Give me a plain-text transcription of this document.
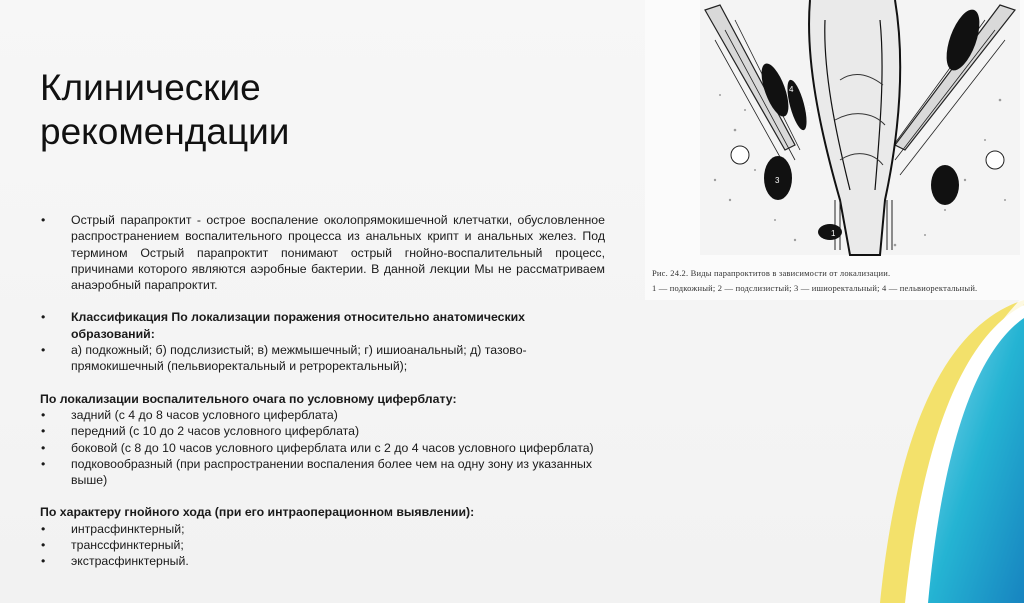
Клинические
рекомендации
• Острый парапроктит - острое воспаление околопрямокишечной клетчатки, обусловленное распространением воспалительного процесса из анальных крипт и анальных желез. Под термином Острый парапроктит понимают острый гнойно-воспалительный процесс, причинами которого являются аэробные бактерии. В данной лекции Мы не рассматриваем анаэробный парапроктит.
• Классификация По локализации поражения относительно анатомических образований:
• а) подкожный; б) подслизистый; в) межмышечный; г) ишиоанальный; д) тазово-прямокишечный (пельвиоректальный и ретроректальный);
По локализации воспалительного очага по условному циферблату:
• задний (с 4 до 8 часов условного циферблата)
• передний (с 10 до 2 часов условного циферблата)
• боковой (с 8 до 10 часов условного циферблата или с 2 до 4 часов условного циферблата)
• подковообразный (при распространении воспаления более чем на одну зону из указанных выше)
По характеру гнойного хода (при его интраоперационном выявлении):
• интрасфинктерный;
• транссфинктерный;
• экстрасфинктерный.
4
2
3
1
Рис. 24.2. Виды парапроктитов в зависимости от локализации.
1 — подкожный; 2 — подслизистый; 3 — ишиоректальный; 4 — пельвиоректальный.
